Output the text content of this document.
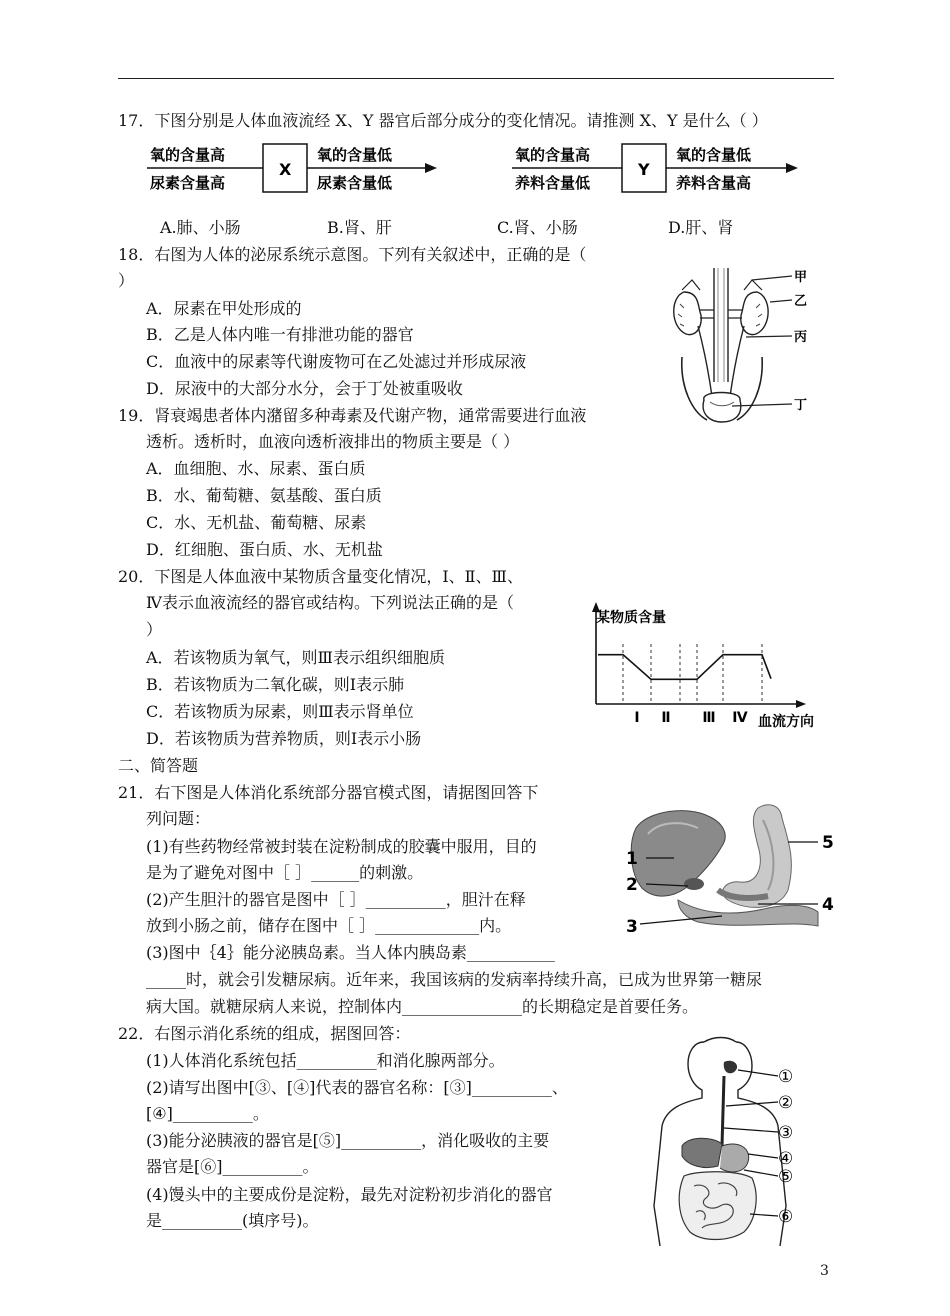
17．下图分别是人体血液流经 X、Y 器官后部分成分的变化情况。请推测 X、Y 是什么（ ）
氧的含量高
尿素含量高
X
氧的含量低
尿素含量低
氧的含量高
养料含量低
Y
氧的含量低
养料含量高
A.肺、小肠	B.肾、肝	C.肾、小肠	D.肝、肾
18．右图为人体的泌尿系统示意图。下列有关叙述中，正确的是（
）
A．尿素在甲处形成的
B．乙是人体内唯一有排泄功能的器官
C．血液中的尿素等代谢废物可在乙处滤过并形成尿液
D．尿液中的大部分水分，会于丁处被重吸收
甲
乙
丙
丁
19．肾衰竭患者体内潴留多种毒素及代谢产物，通常需要进行血液
透析。透析时，血液向透析液排出的物质主要是（ ）
A．血细胞、水、尿素、蛋白质
B．水、葡萄糖、氨基酸、蛋白质
C．水、无机盐、葡萄糖、尿素
D．红细胞、蛋白质、水、无机盐
20．下图是人体血液中某物质含量变化情况，Ⅰ、Ⅱ、Ⅲ、
Ⅳ表示血液流经的器官或结构。下列说法正确的是（
）
A．若该物质为氧气，则Ⅲ表示组织细胞质
B．若该物质为二氧化碳，则Ⅰ表示肺
C．若该物质为尿素，则Ⅲ表示肾单位
D．若该物质为营养物质，则Ⅰ表示小肠
某物质含量
血流方向
Ⅰ Ⅱ Ⅲ Ⅳ
二、简答题
21．右下图是人体消化系统部分器官模式图，请据图回答下
列问题：
(1)有些药物经常被封装在淀粉制成的胶囊中服用，目的
是为了避免对图中［ ］______的刺激。
(2)产生胆汁的器官是图中［ ］__________，胆汁在释
放到小肠之前，储存在图中［ ］_____________内。
(3)图中｛4｝能分泌胰岛素。当人体内胰岛素___________
_____时，就会引发糖尿病。近年来，我国该病的发病率持续升高，已成为世界第一糖尿
病大国。就糖尿病人来说，控制体内_______________的长期稳定是首要任务。
1
2
3
4
5
22．右图示消化系统的组成，据图回答：
(1)人体消化系统包括__________和消化腺两部分。
(2)请写出图中[③、[④]代表的器官名称：[③]__________、
[④]__________。
(3)能分泌胰液的器官是[⑤]__________，消化吸收的主要
器官是[⑥]__________。
(4)馒头中的主要成份是淀粉，最先对淀粉初步消化的器官
是__________(填序号)。
①
②
③
④
⑤
⑥
3
